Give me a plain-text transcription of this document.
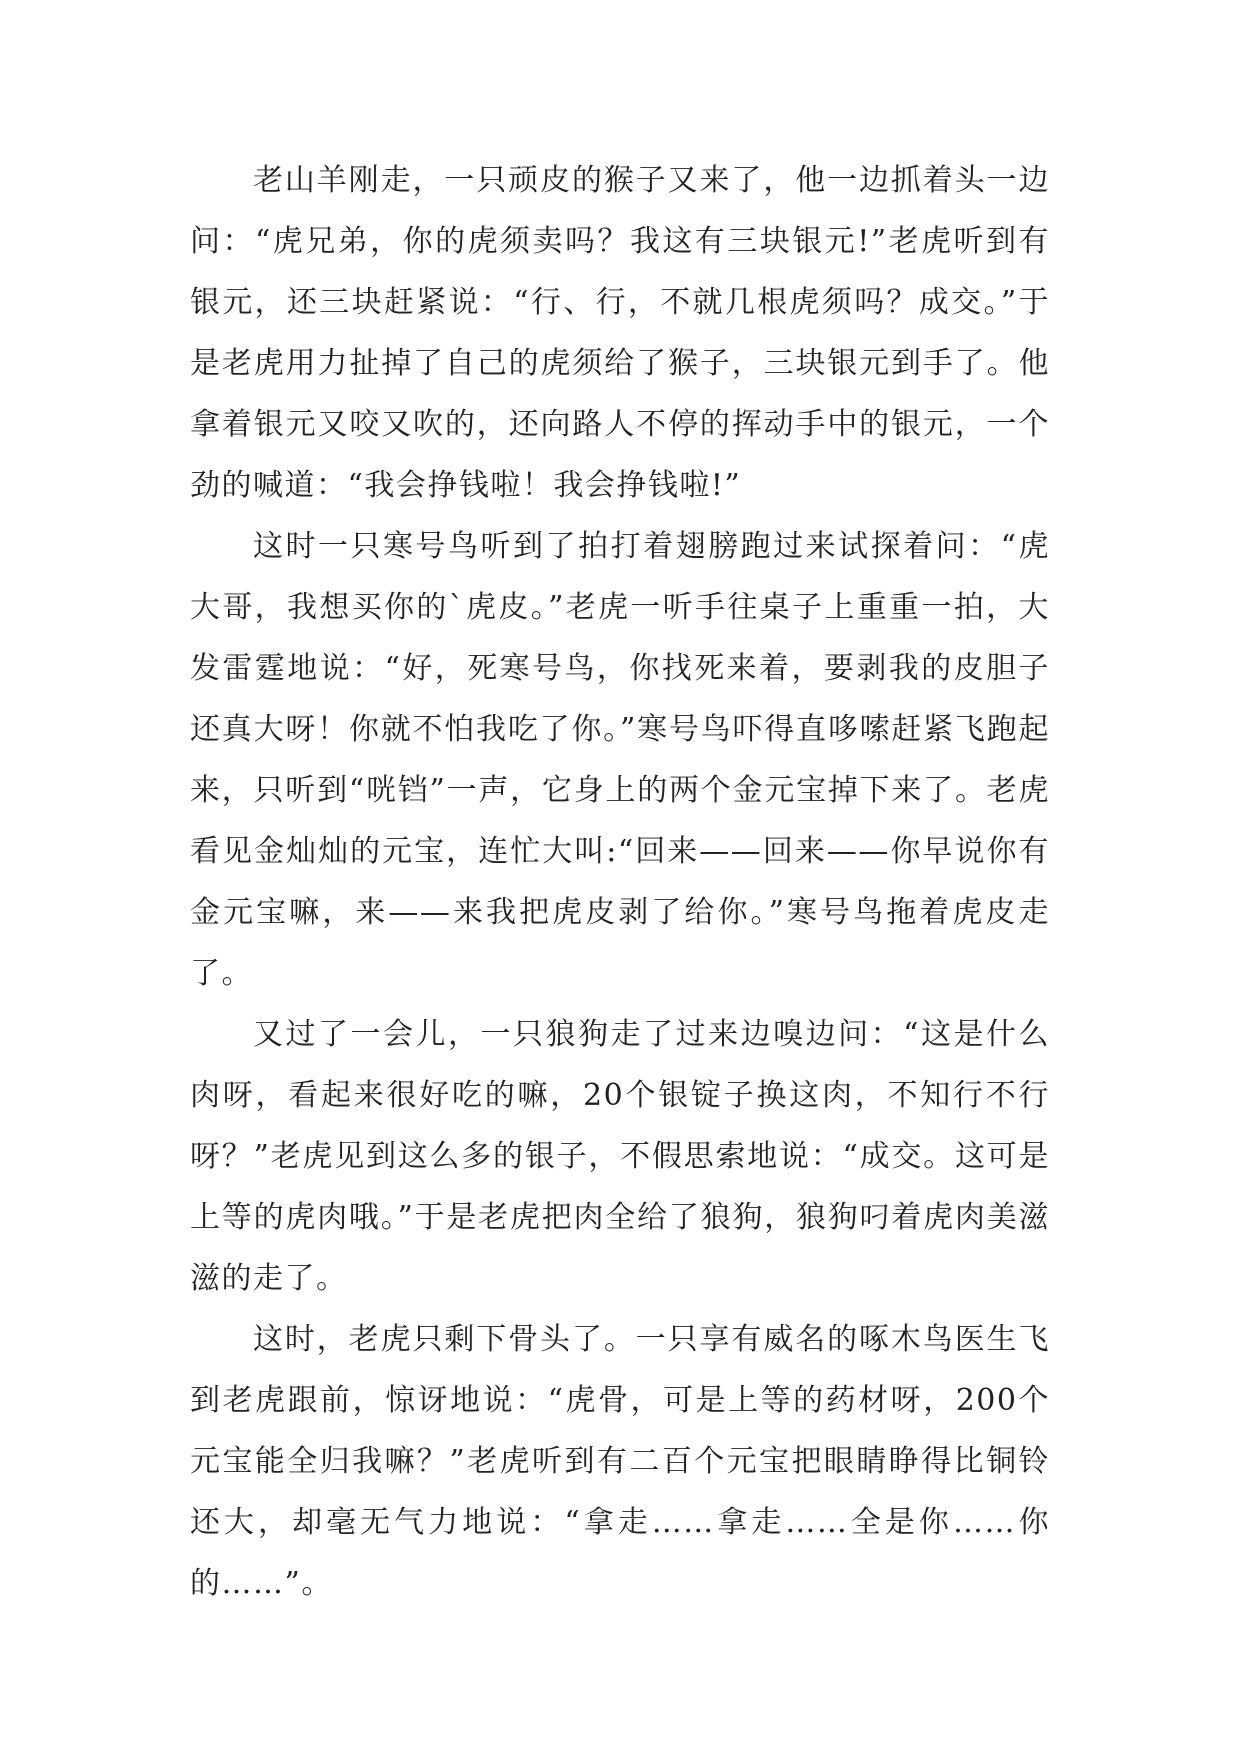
老山羊刚走，一只顽皮的猴子又来了，他一边抓着头一边问：“虎兄弟，你的虎须卖吗？我这有三块银元!”老虎听到有银元，还三块赶紧说：“行、行，不就几根虎须吗？成交。”于是老虎用力扯掉了自己的虎须给了猴子，三块银元到手了。他拿着银元又咬又吹的，还向路人不停的挥动手中的银元，一个劲的喊道：“我会挣钱啦！我会挣钱啦!”

这时一只寒号鸟听到了拍打着翅膀跑过来试探着问：“虎大哥，我想买你的`虎皮。”老虎一听手往桌子上重重一拍，大发雷霆地说：“好，死寒号鸟，你找死来着，要剥我的皮胆子还真大呀！你就不怕我吃了你。”寒号鸟吓得直哆嗦赶紧飞跑起来，只听到“咣铛”一声，它身上的两个金元宝掉下来了。老虎看见金灿灿的元宝，连忙大叫:“回来——回来——你早说你有金元宝嘛，来——来我把虎皮剥了给你。”寒号鸟拖着虎皮走了。

又过了一会儿，一只狼狗走了过来边嗅边问：“这是什么肉呀，看起来很好吃的嘛，20个银锭子换这肉，不知行不行呀？”老虎见到这么多的银子，不假思索地说：“成交。这可是上等的虎肉哦。”于是老虎把肉全给了狼狗，狼狗叼着虎肉美滋滋的走了。

这时，老虎只剩下骨头了。一只享有威名的啄木鸟医生飞到老虎跟前，惊讶地说：“虎骨，可是上等的药材呀，200个元宝能全归我嘛？”老虎听到有二百个元宝把眼睛睁得比铜铃还大，却毫无气力地说：“拿走……拿走……全是你……你的……”。
